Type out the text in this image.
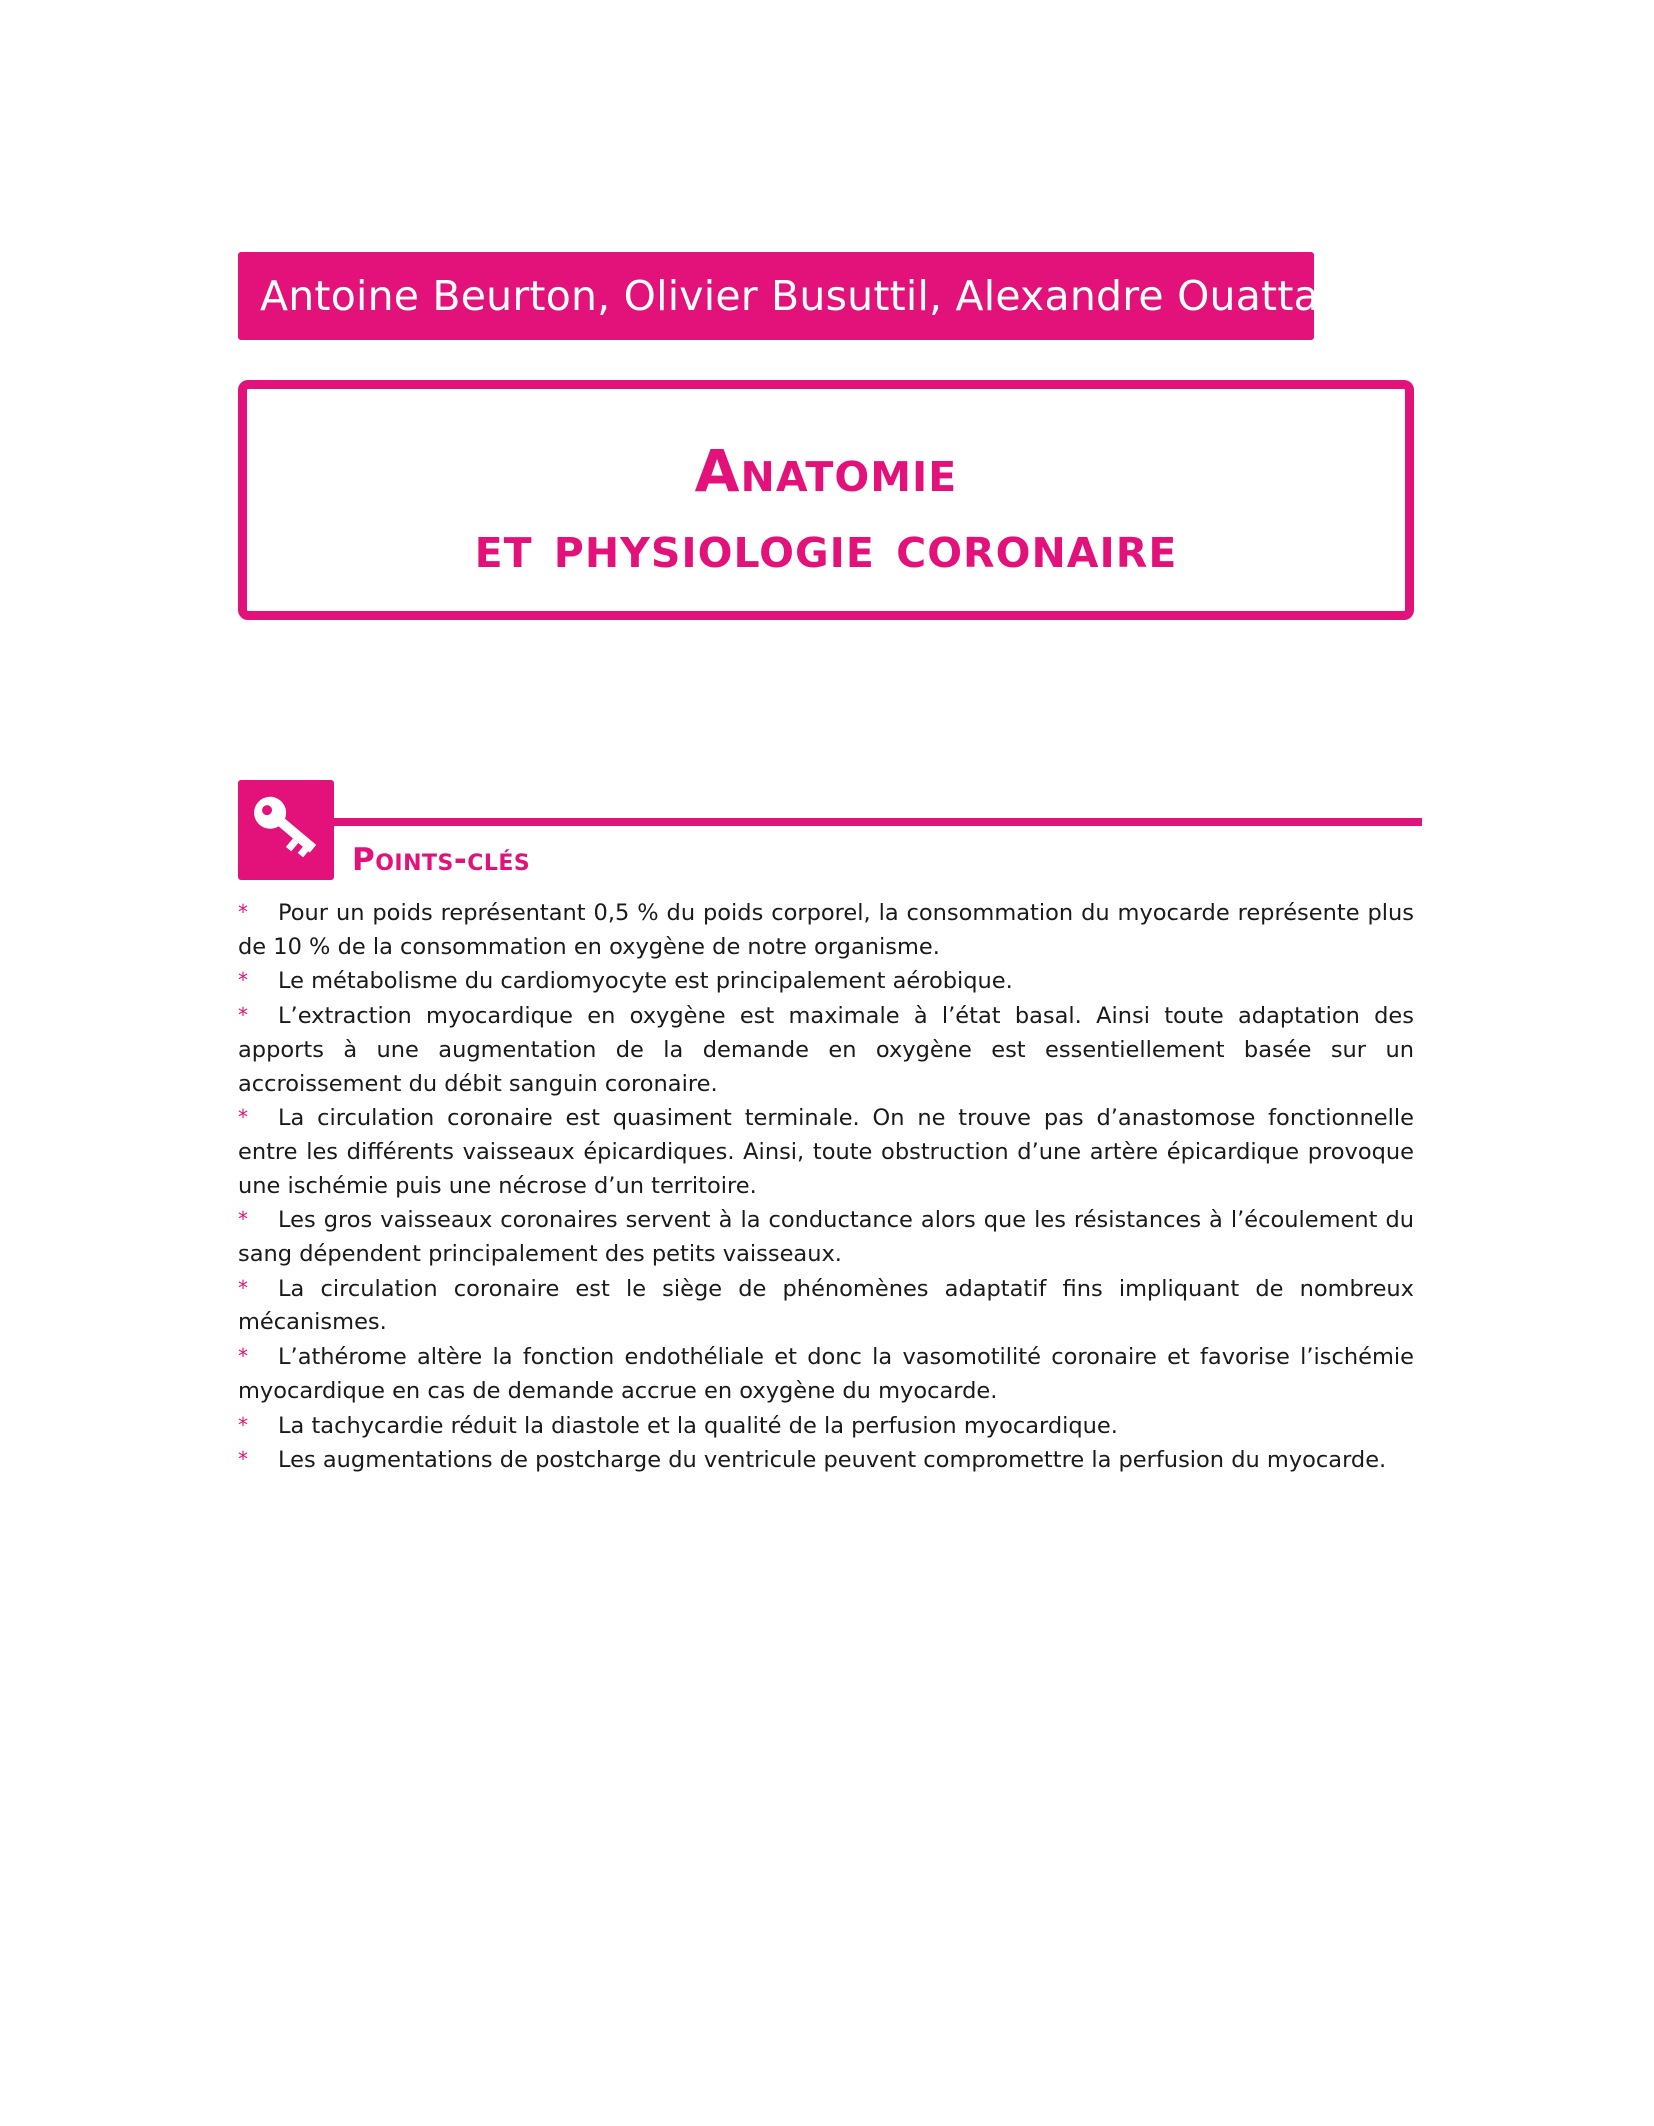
Antoine Beurton, Olivier Busuttil, Alexandre Ouattara
Anatomie
et physiologie coronaire
Points-clés
* Pour un poids représentant 0,5 % du poids corporel, la consommation du myocarde représente plus de 10 % de la consommation en oxygène de notre organisme.
* Le métabolisme du cardiomyocyte est principalement aérobique.
* L’extraction myocardique en oxygène est maximale à l’état basal. Ainsi toute adaptation des apports à une augmentation de la demande en oxygène est essentiellement basée sur un accroissement du débit sanguin coronaire.
* La circulation coronaire est quasiment terminale. On ne trouve pas d’anastomose fonctionnelle entre les différents vaisseaux épicardiques. Ainsi, toute obstruction d’une artère épicardique provoque une ischémie puis une nécrose d’un territoire.
* Les gros vaisseaux coronaires servent à la conductance alors que les résistances à l’écoulement du sang dépendent principalement des petits vaisseaux.
* La circulation coronaire est le siège de phénomènes adaptatif fins impliquant de nombreux mécanismes.
* L’athérome altère la fonction endothéliale et donc la vasomotilité coronaire et favorise l’ischémie myocardique en cas de demande accrue en oxygène du myocarde.
* La tachycardie réduit la diastole et la qualité de la perfusion myocardique.
* Les augmentations de postcharge du ventricule peuvent compromettre la perfusion du myocarde.
